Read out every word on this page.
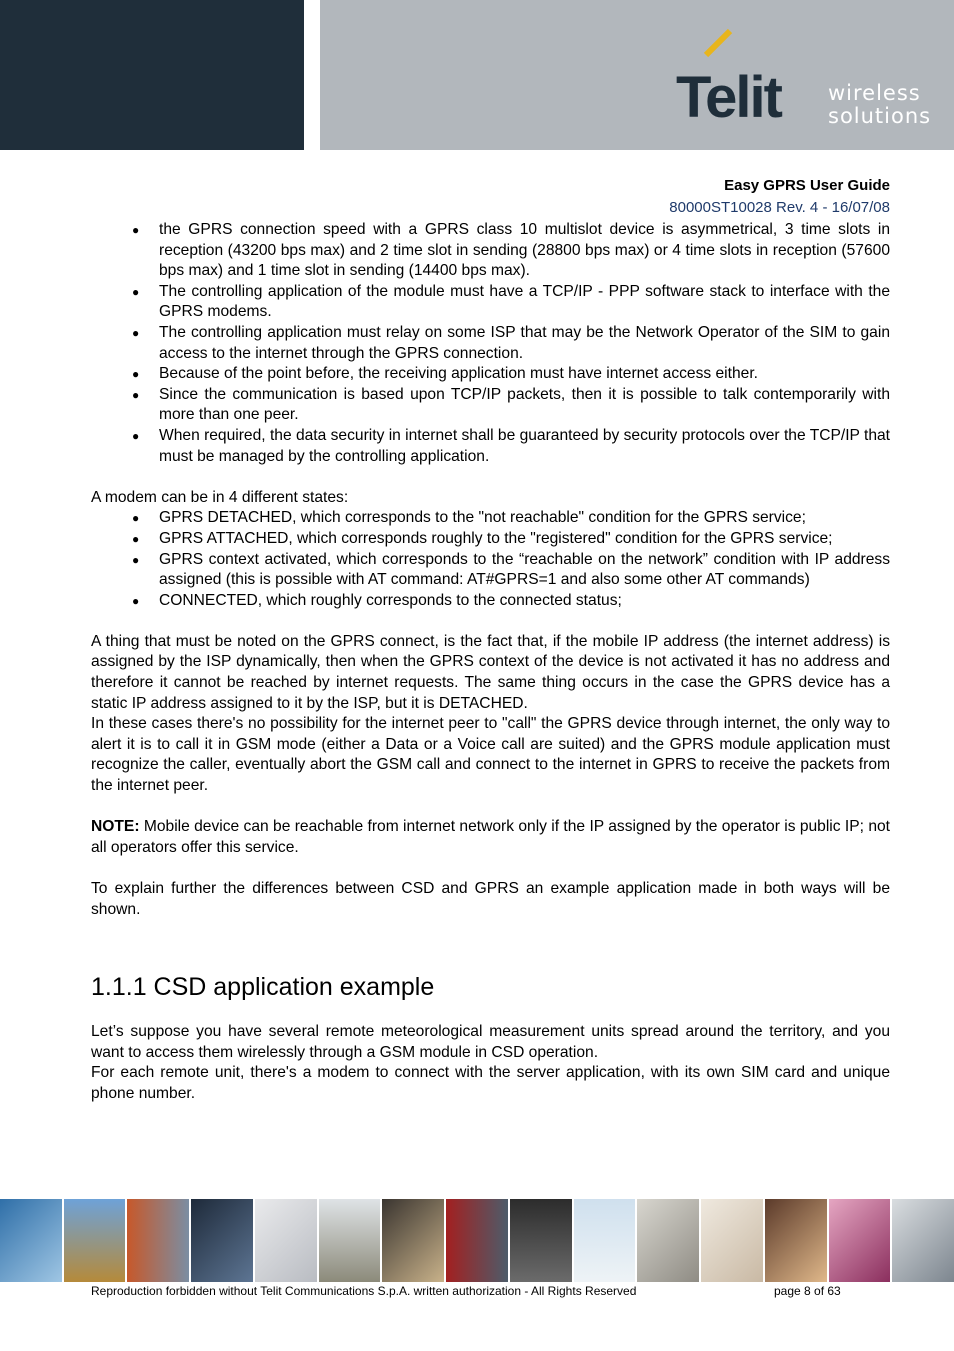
Telit wireless
solutions
Easy GPRS User Guide
80000ST10028 Rev. 4 - 16/07/08
● the GPRS connection speed with a GPRS class 10 multislot device is asymmetrical, 3 time slots in reception (43200 bps max) and 2 time slot in sending (28800 bps max) or 4 time slots in reception (57600 bps max) and 1 time slot in sending (14400 bps max).
● The controlling application of the module must have a TCP/IP - PPP software stack to interface with the GPRS modems.
● The controlling application must relay on some ISP that may be the Network Operator of the SIM to gain access to the internet through the GPRS connection.
● Because of the point before, the receiving application must have internet access either.
● Since the communication is based upon TCP/IP packets, then it is possible to talk contemporarily with more than one peer.
● When required, the data security in internet shall be guaranteed by security protocols over the TCP/IP that must be managed by the controlling application.

A modem can be in 4 different states:

● GPRS DETACHED, which corresponds to the "not reachable" condition for the GPRS service;
● GPRS ATTACHED, which corresponds roughly to the "registered" condition for the GPRS service;
● GPRS context activated, which corresponds to the “reachable on the network” condition with IP address assigned (this is possible with AT command: AT#GPRS=1 and also some other AT commands)
● CONNECTED, which roughly corresponds to the connected status;

A thing that must be noted on the GPRS connect, is the fact that, if the mobile IP address (the internet address) is assigned by the ISP dynamically, then when the GPRS context of the device is not activated it has no address and therefore it cannot be reached by internet requests. The same thing occurs in the case the GPRS device has a static IP address assigned to it by the ISP, but it is DETACHED.

In these cases there's no possibility for the internet peer to "call" the GPRS device through internet, the only way to alert it is to call it in GSM mode (either a Data or a Voice call are suited) and the GPRS module application must recognize the caller, eventually abort the GSM call and connect to the internet in GPRS to receive the packets from the internet peer.

NOTE: Mobile device can be reachable from internet network only if the IP assigned by the operator is public IP; not all operators offer this service.

To explain further the differences between CSD and GPRS an example application made in both ways will be shown.

1.1.1 CSD application example

Let’s suppose you have several remote meteorological measurement units spread around the territory, and you want to access them wirelessly through a GSM module in CSD operation.

For each remote unit, there's a modem to connect with the server application, with its own SIM card and unique phone number.

Reproduction forbidden without Telit Communications S.p.A. written authorization - All Rights Reserved	page 8 of 63
